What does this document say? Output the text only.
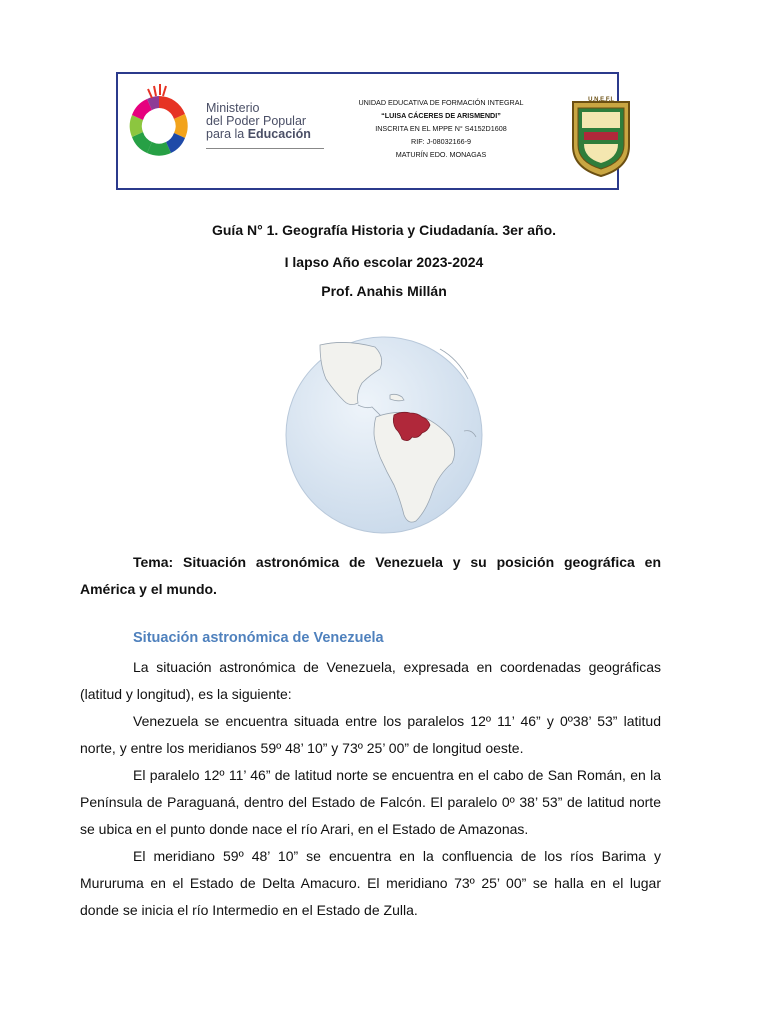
Ministerio
del Poder Popular
para la Educación
UNIDAD EDUCATIVA DE FORMACIÓN INTEGRAL
“LUISA CÁCERES DE ARISMENDI”
INSCRITA EN EL MPPE N° S4152D1608
RIF: J-08032166-9
MATURÍN EDO. MONAGAS
U.N.E.F.I.
Guía N° 1. Geografía Historia y Ciudadanía. 3er año.
I lapso Año escolar 2023-2024
Prof. Anahis Millán
Tema: Situación astronómica de Venezuela y su posición geográfica en América y el mundo.
Situación astronómica de Venezuela
La situación astronómica de Venezuela, expresada en coordenadas geográficas (latitud y longitud), es la siguiente:
Venezuela se encuentra situada entre los paralelos 12º 11’ 46” y 0º38’ 53” latitud norte, y entre los meridianos 59º 48’ 10” y 73º 25’ 00” de longitud oeste.
El paralelo 12º 11’ 46” de latitud norte se encuentra en el cabo de San Román, en la Península de Paraguaná, dentro del Estado de Falcón. El paralelo 0º 38’ 53” de latitud norte se ubica en el punto donde nace el río Arari, en el Estado de Amazonas.
El meridiano 59º 48’ 10” se encuentra en la confluencia de los ríos Barima y Mururuma en el Estado de Delta Amacuro. El meridiano 73º 25’ 00” se halla en el lugar donde se inicia el río Intermedio en el Estado de Zulla.
